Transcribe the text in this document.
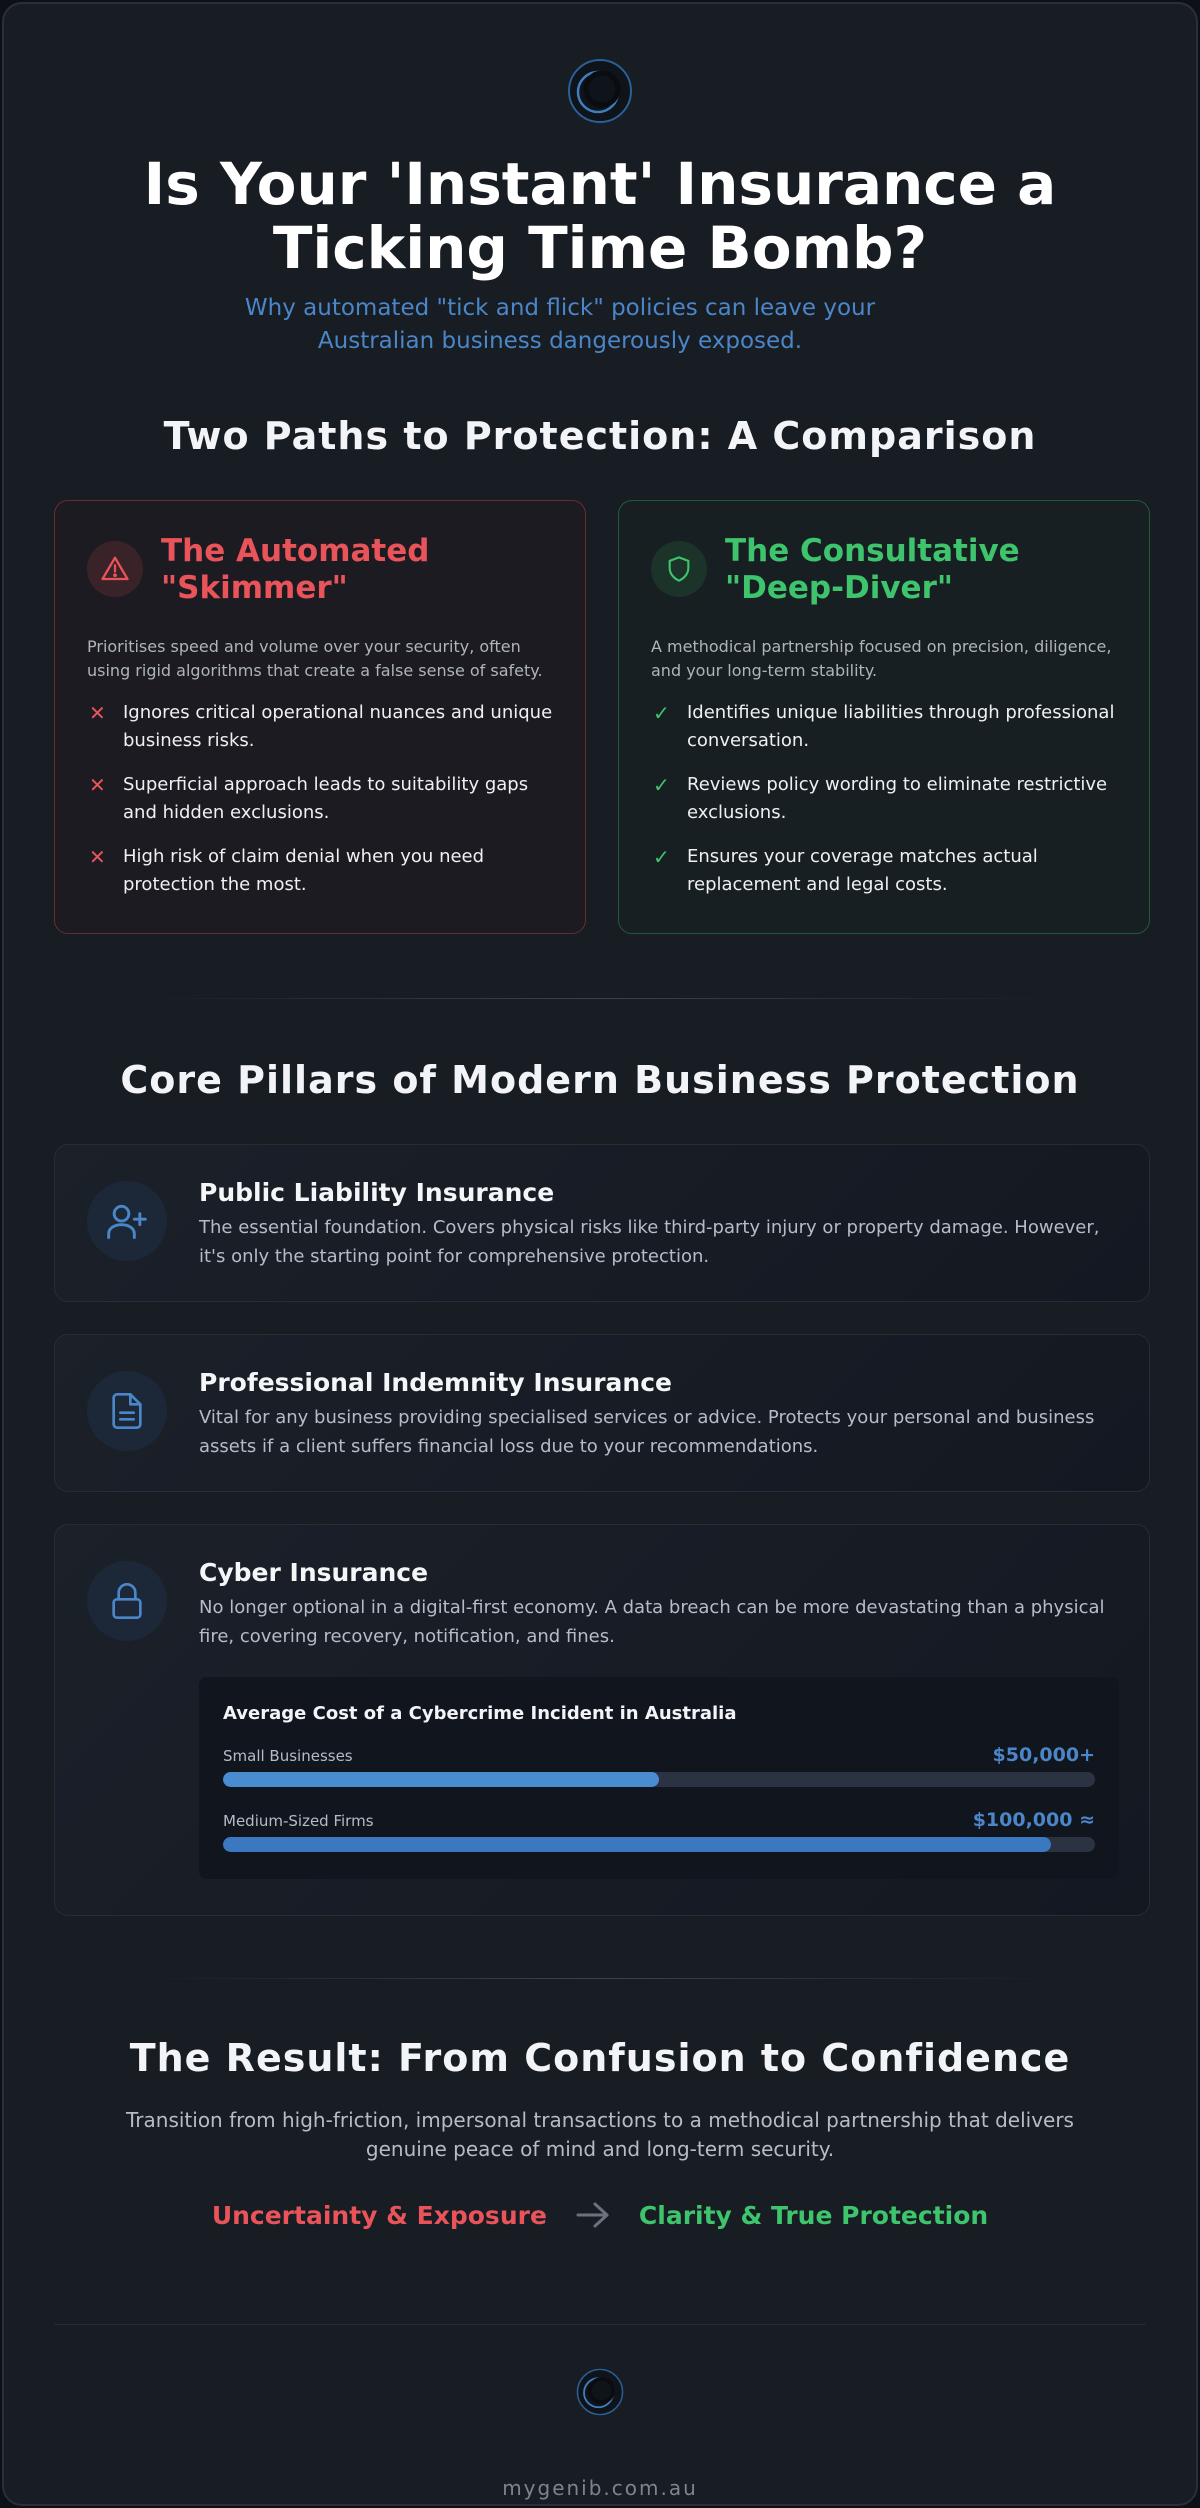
Is Your 'Instant' Insurance a
Ticking Time Bomb?
Why automated "tick and flick" policies can leave your Australian business dangerously exposed.
Two Paths to Protection: A Comparison
The Automated "Skimmer"
Prioritises speed and volume over your security, often using rigid algorithms that create a false sense of safety.
✕ Ignores critical operational nuances and unique business risks.
✕ Superficial approach leads to suitability gaps and hidden exclusions.
✕ High risk of claim denial when you need protection the most.
The Consultative "Deep-Diver"
A methodical partnership focused on precision, diligence, and your long-term stability.
✓ Identifies unique liabilities through professional conversation.
✓ Reviews policy wording to eliminate restrictive exclusions.
✓ Ensures your coverage matches actual replacement and legal costs.
Core Pillars of Modern Business Protection
Public Liability Insurance
The essential foundation. Covers physical risks like third-party injury or property damage. However, it's only the starting point for comprehensive protection.
Professional Indemnity Insurance
Vital for any business providing specialised services or advice. Protects your personal and business assets if a client suffers financial loss due to your recommendations.
Cyber Insurance
No longer optional in a digital-first economy. A data breach can be more devastating than a physical fire, covering recovery, notification, and fines.
Average Cost of a Cybercrime Incident in Australia
Small Businesses	$50,000+
Medium-Sized Firms	$100,000 ≈
The Result: From Confusion to Confidence
Transition from high-friction, impersonal transactions to a methodical partnership that delivers genuine peace of mind and long-term security.
Uncertainty & Exposure	Clarity & True Protection
mygenib.com.au
